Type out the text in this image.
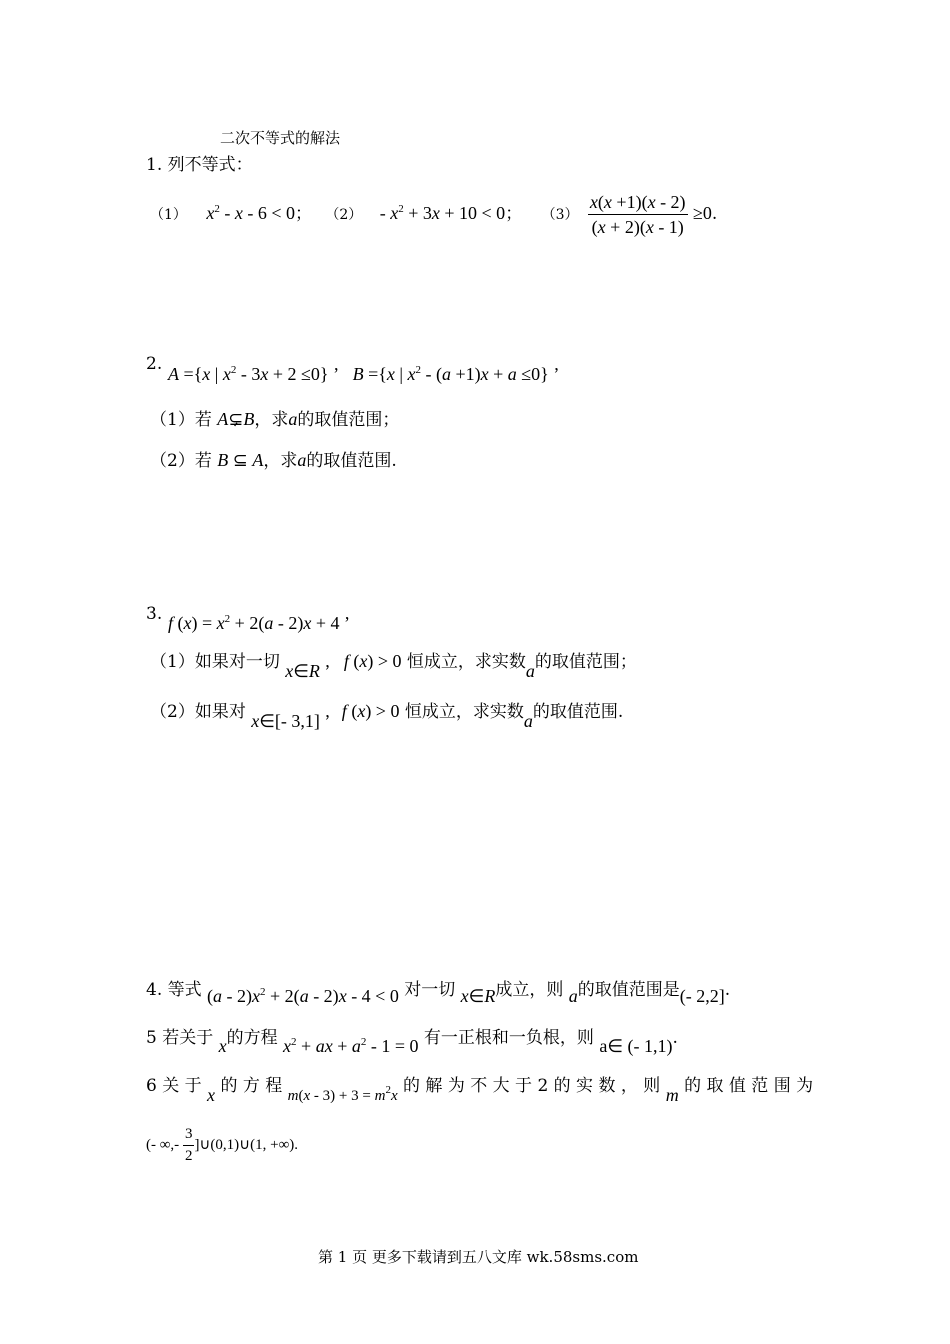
二次不等式的解法
1. 列不等式：
（1） $x^2 - x - 6 < 0$； $(2) - x^2 + 3x + 10 < 0$； $(3) \frac{x(x +1)(x - 2)}{(x + 2)(x - 1)} \ge 0$.
2. A ={x | $x^2 - 3x + 2 \le 0$} ’   B ={x | $x^2 - (a +1)x + a \le 0$} ’
（1）若 A⊊B，求a的取值范围；
（2）若 B ⊆ A，求a的取值范围.
3. f $(x) = x^2 + 2(a - 2)x + 4$ ’
（1）如果对一切 x∈R ’ f (x) > 0 恒成立，求实数a的取值范围；
（2）如果对 x∈[- 3,1] ’ f (x) > 0 恒成立，求实数a的取值范围.
4. 等式 $(a - 2)x^2 + 2(a - 2)x - 4 < 0$ 对一切 x∈R成立，则 a的取值范围是(- 2,2].
5 若关于 x的方程 $x^2$ + ax + $a^2 - 1 = 0$ 有一正根和一负根，则 a∈ (- 1,1).
6 关 于 x 的 方 程 $m(x - 3) + 3 = m^2x$ 的 解 为 不 大 于 2 的 实 数 ， 则 m 的 取 值 范 围 为
(- ∞,- $\frac{3}{2}$ ]∪(0,1)∪(1, +∞).
第 1 页 更多下载请到五八文库 wk.58sms.com
